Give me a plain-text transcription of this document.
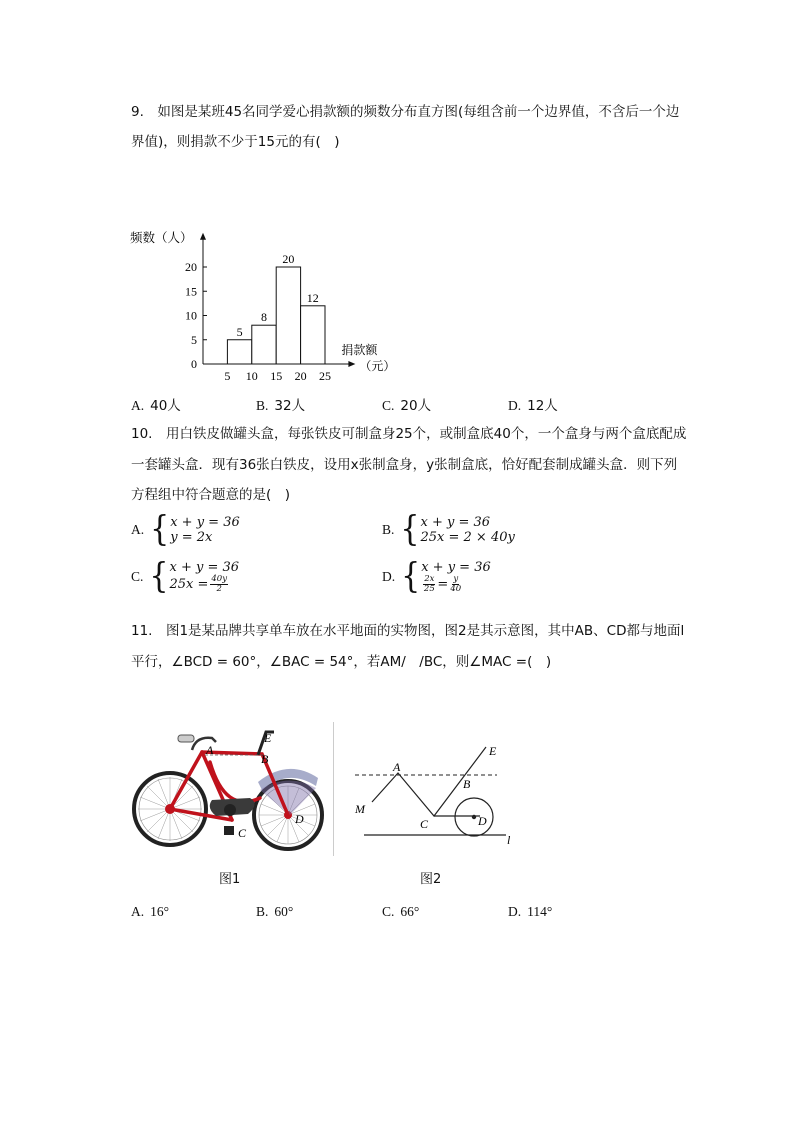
9.　如图是某班45名同学爱心捐款额的频数分布直方图(每组含前一个边界值，不含后一个边
界值)，则捐款不少于15元的有(　)
0
5
10
15
20
5 10 15 20 25
5
8
20
12
频数（人）
捐款额
（元）
A. 40人	B. 32人	C. 20人	D. 12人
10.　用白铁皮做罐头盒，每张铁皮可制盒身25个，或制盒底40个，一个盒身与两个盒底配成
一套罐头盒．现有36张白铁皮，设用x张制盒身，y张制盒底，恰好配套制成罐头盒．则下列
方程组中符合题意的是(　)
A. { x + y = 36
y = 2x
B. { x + y = 36
25x = 2 × 40y
C. { x + y = 36
$25x = \frac{40y}{2}$	D. { x + y = 36
$\frac{2x}{25} = \frac{y}{40}$
11.　图1是某品牌共享单车放在水平地面的实物图，图2是其示意图，其中AB、CD都与地面l
平行，∠BCD = 60°，∠BAC = 54°，若AM/　/BC，则∠MAC =(　)
A
B
E
C
D
图1
A
B
E
C	D
M
l
图2
A. 16°	B. 60°	C. 66°	D. 114°
